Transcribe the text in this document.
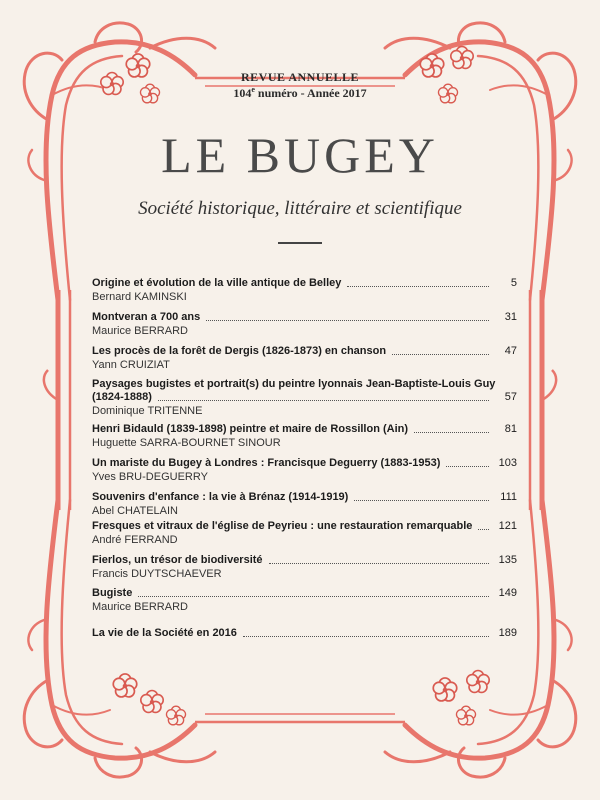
REVUE ANNUELLE
104e numéro - Année 2017
LE BUGEY
Société historique, littéraire et scientifique
Origine et évolution de la ville antique de Belley	5
Bernard KAMINSKI
Montveran a 700 ans	31
Maurice BERRARD
Les procès de la forêt de Dergis (1826-1873) en chanson	47
Yann CRUIZIAT
Paysages bugistes et portrait(s) du peintre lyonnais Jean-Baptiste-Louis Guy
(1824-1888)	57
Dominique TRITENNE
Henri Bidauld (1839-1898) peintre et maire de Rossillon (Ain)	81
Huguette SARRA-BOURNET SINOUR
Un mariste du Bugey à Londres : Francisque Deguerry (1883-1953)	103
Yves BRU-DEGUERRY
Souvenirs d'enfance : la vie à Brénaz (1914-1919)	111
Abel CHATELAIN
Fresques et vitraux de l'église de Peyrieu : une restauration remarquable	121
André FERRAND
Fierlos, un trésor de biodiversité	135
Francis DUYTSCHAEVER
Bugiste	149
Maurice BERRARD
La vie de la Société en 2016	189
